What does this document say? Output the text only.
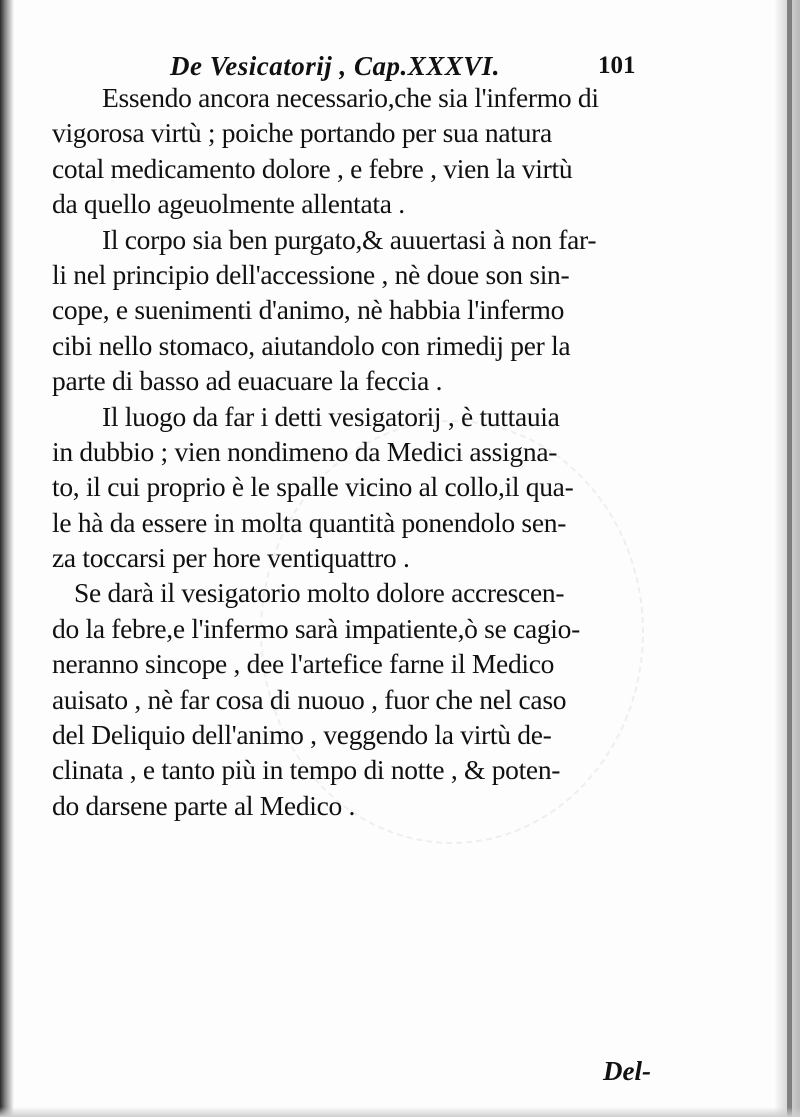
De Vesicatorij , Cap.XXXVI.	101
Essendo ancora necessario,che sia l'infermo di
vigorosa virtù ; poiche portando per sua natura
cotal medicamento dolore , e febre , vien la virtù
da quello ageuolmente allentata .
Il corpo sia ben purgato,& auuertasi à non far-
li nel principio dell'accessione , nè doue son sin-
cope, e suenimenti d'animo, nè habbia l'infermo
cibi nello stomaco, aiutandolo con rimedij per la
parte di basso ad euacuare la feccia .
Il luogo da far i detti vesigatorij , è tuttauia
in dubbio ; vien nondimeno da Medici assigna-
to, il cui proprio è le spalle vicino al collo,il qua-
le hà da essere in molta quantità ponendolo sen-
za toccarsi per hore ventiquattro .
Se darà il vesigatorio molto dolore accrescen-
do la febre,e l'infermo sarà impatiente,ò se cagio-
neranno sincope , dee l'artefice farne il Medico
auisato , nè far cosa di nuouo , fuor che nel caso
del Deliquio dell'animo , veggendo la virtù de-
clinata , e tanto più in tempo di notte , & poten-
do darsene parte al Medico .
Del-
